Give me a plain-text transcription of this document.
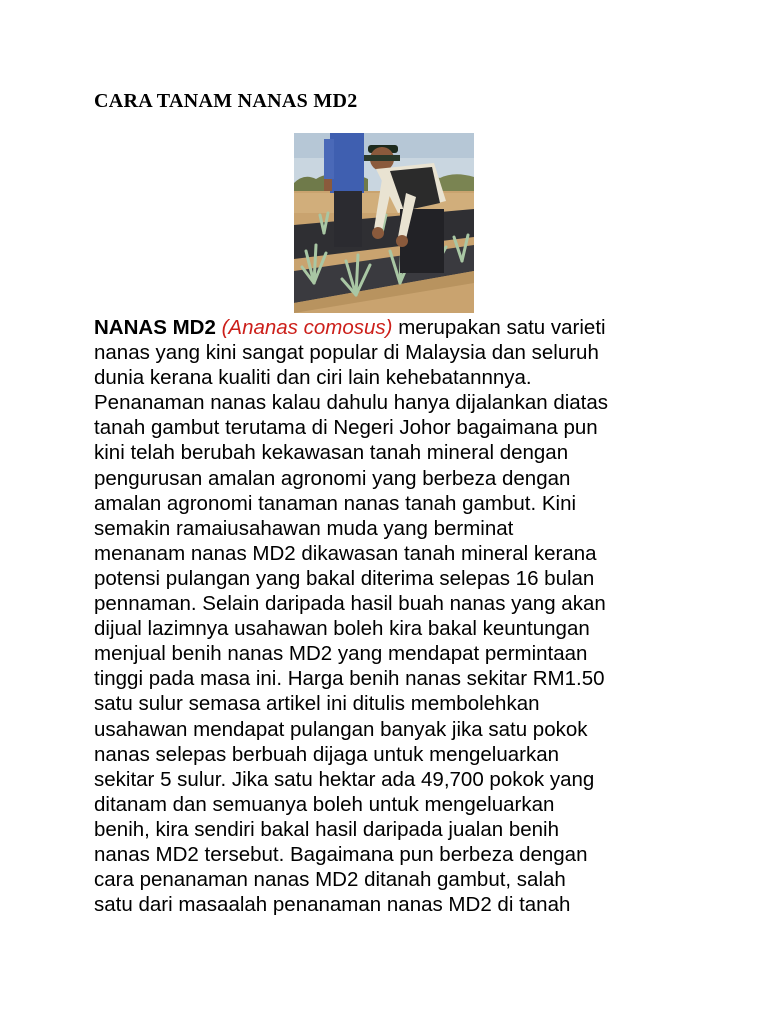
CARA TANAM NANAS MD2
NANAS MD2 (Ananas comosus) merupakan satu varieti
nanas yang kini sangat popular di Malaysia dan seluruh
dunia kerana kualiti dan ciri lain kehebatannnya.
Penanaman nanas kalau dahulu hanya dijalankan diatas
tanah gambut terutama di Negeri Johor bagaimana pun
kini telah berubah kekawasan tanah mineral dengan
pengurusan amalan agronomi yang berbeza dengan
amalan agronomi tanaman nanas tanah gambut. Kini
semakin ramaiusahawan muda yang berminat
menanam nanas MD2 dikawasan tanah mineral kerana
potensi pulangan yang bakal diterima selepas 16 bulan
pennaman. Selain daripada hasil buah nanas yang akan
dijual lazimnya usahawan boleh kira bakal keuntungan
menjual benih nanas MD2 yang mendapat permintaan
tinggi pada masa ini. Harga benih nanas sekitar RM1.50
satu sulur semasa artikel ini ditulis membolehkan
usahawan mendapat pulangan banyak jika satu pokok
nanas selepas berbuah dijaga untuk mengeluarkan
sekitar 5 sulur. Jika satu hektar ada 49,700 pokok yang
ditanam dan semuanya boleh untuk mengeluarkan
benih, kira sendiri bakal hasil daripada jualan benih
nanas MD2 tersebut. Bagaimana pun berbeza dengan
cara penanaman nanas MD2 ditanah gambut, salah
satu dari masaalah penanaman nanas MD2 di tanah
